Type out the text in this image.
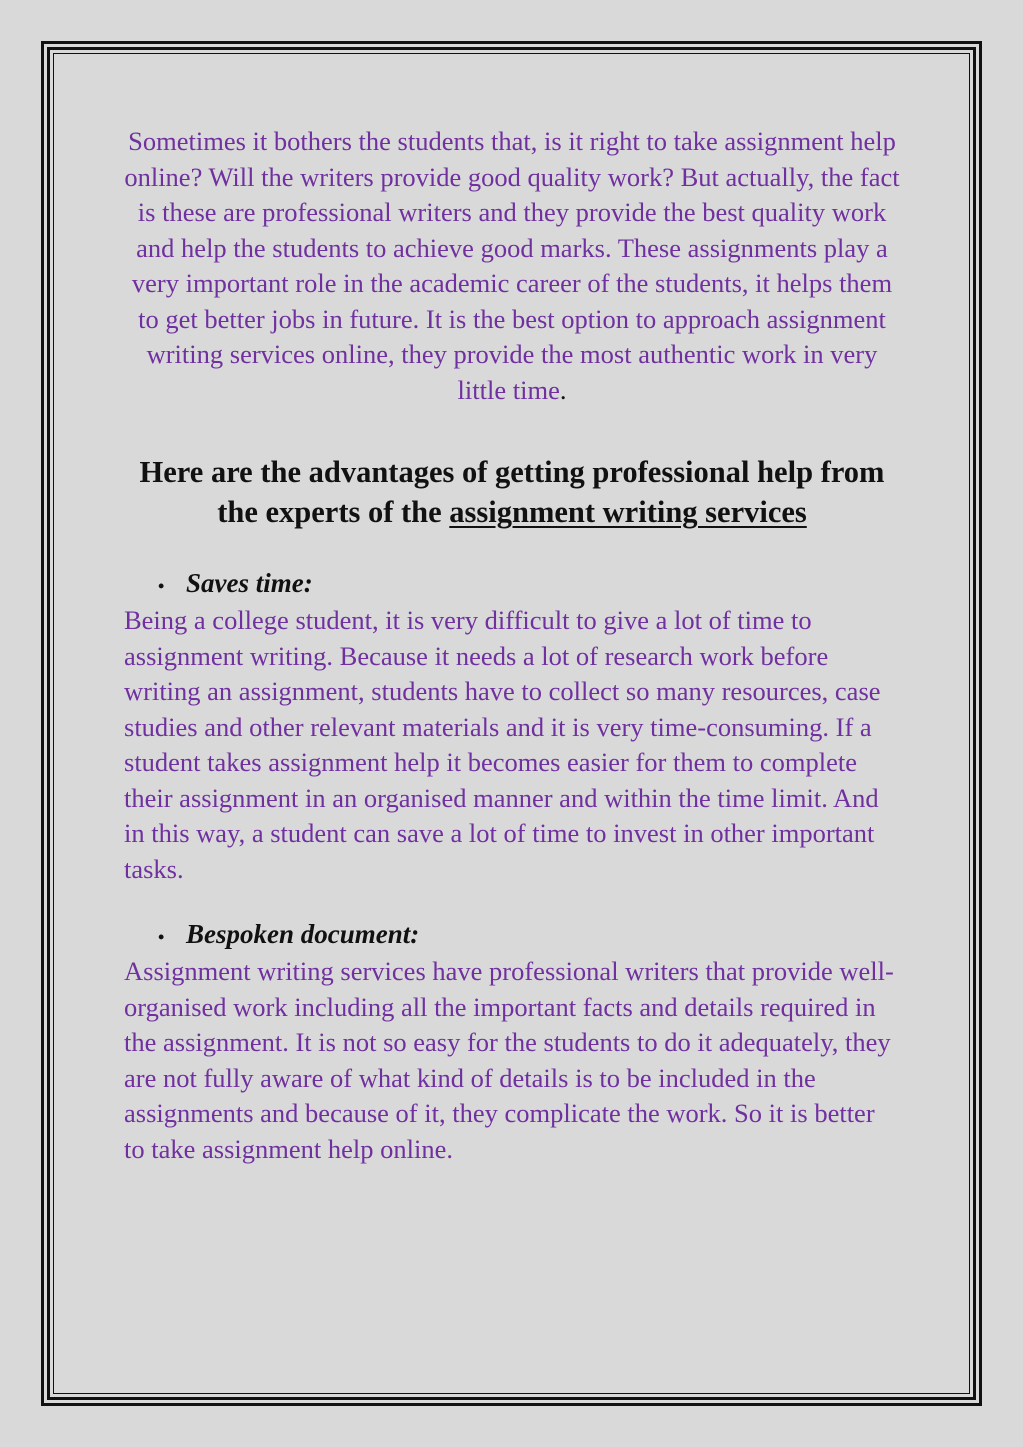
Sometimes it bothers the students that, is it right to take assignment help online? Will the writers provide good quality work? But actually, the fact is these are professional writers and they provide the best quality work and help the students to achieve good marks. These assignments play a very important role in the academic career of the students, it helps them to get better jobs in future. It is the best option to approach assignment writing services online, they provide the most authentic work in very little time.

Here are the advantages of getting professional help from the experts of the assignment writing services
• Saves time:

Being a college student, it is very difficult to give a lot of time to assignment writing. Because it needs a lot of research work before writing an assignment, students have to collect so many resources, case studies and other relevant materials and it is very time-consuming. If a student takes assignment help it becomes easier for them to complete their assignment in an organised manner and within the time limit. And in this way, a student can save a lot of time to invest in other important tasks.

• Bespoken document:

Assignment writing services have professional writers that provide well-organised work including all the important facts and details required in the assignment. It is not so easy for the students to do it adequately, they are not fully aware of what kind of details is to be included in the assignments and because of it, they complicate the work. So it is better to take assignment help online.
